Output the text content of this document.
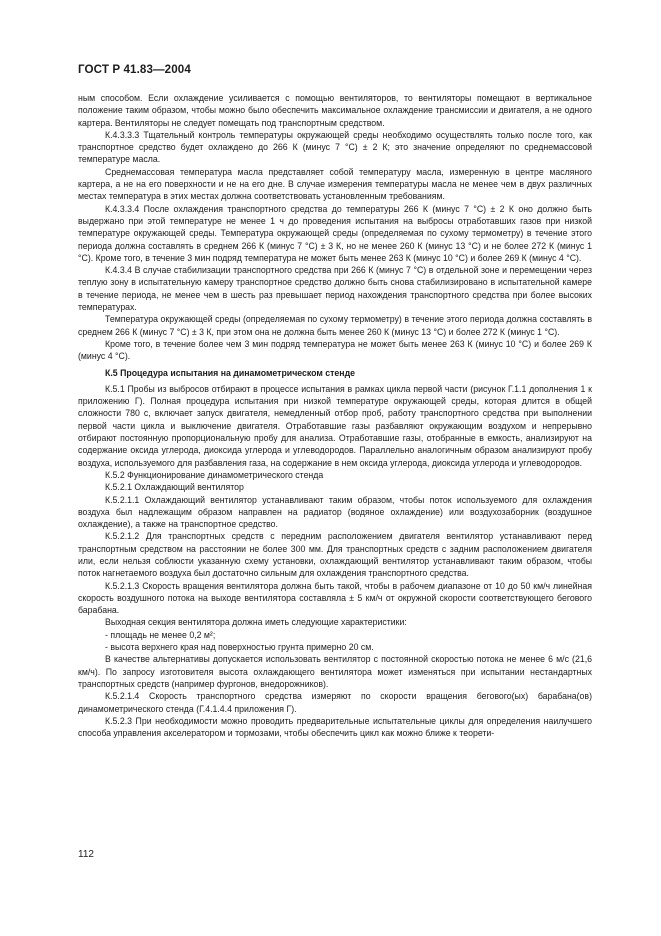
ГОСТ Р 41.83—2004

ным способом. Если охлаждение усиливается с помощью вентиляторов, то вентиляторы помещают в вертикальное положение таким образом, чтобы можно было обеспечить максимальное охлаждение трансмиссии и двигателя, а не одного картера. Вентиляторы не следует помещать под транспортным средством.

К.4.3.3.3 Тщательный контроль температуры окружающей среды необходимо осуществлять только после того, как транспортное средство будет охлаждено до 266 К (минус 7 °С) ± 2 К; это значение определяют по среднемассовой температуре масла.

Среднемассовая температура масла представляет собой температуру масла, измеренную в центре масляного картера, а не на его поверхности и не на его дне. В случае измерения температуры масла не менее чем в двух различных местах температура в этих местах должна соответствовать установленным требованиям.

К.4.3.3.4 После охлаждения транспортного средства до температуры 266 К (минус 7 °С) ± 2 К оно должно быть выдержано при этой температуре не менее 1 ч до проведения испытания на выбросы отработавших газов при низкой температуре окружающей среды. Температура окружающей среды (определяемая по сухому термометру) в течение этого периода должна составлять в среднем 266 К (минус 7 °С) ± 3 К, но не менее 260 К (минус 13 °С) и не более 272 К (минус 1 °С). Кроме того, в течение 3 мин подряд температура не может быть менее 263 К (минус 10 °С) и более 269 К (минус 4 °С).

К.4.3.4 В случае стабилизации транспортного средства при 266 К (минус 7 °С) в отдельной зоне и перемещении через теплую зону в испытательную камеру транспортное средство должно быть снова стабилизировано в испытательной камере в течение периода, не менее чем в шесть раз превышает период нахождения транспортного средства при более высоких температурах.

Температура окружающей среды (определяемая по сухому термометру) в течение этого периода должна составлять в среднем 266 К (минус 7 °С) ± 3 К, при этом она не должна быть менее 260 К (минус 13 °С) и более 272 К (минус 1 °С).

Кроме того, в течение более чем 3 мин подряд температура не может быть менее 263 К (минус 10 °С) и более 269 К (минус 4 °С).

К.5 Процедура испытания на динамометрическом стенде

К.5.1 Пробы из выбросов отбирают в процессе испытания в рамках цикла первой части (рисунок Г.1.1 дополнения 1 к приложению Г). Полная процедура испытания при низкой температуре окружающей среды, которая длится в общей сложности 780 с, включает запуск двигателя, немедленный отбор проб, работу транспортного средства при выполнении первой части цикла и выключение двигателя. Отработавшие газы разбавляют окружающим воздухом и непрерывно отбирают постоянную пропорциональную пробу для анализа. Отработавшие газы, отобранные в емкость, анализируют на содержание оксида углерода, диоксида углерода и углеводородов. Параллельно аналогичным образом анализируют пробу воздуха, используемого для разбавления газа, на содержание в нем оксида углерода, диоксида углерода и углеводородов.

К.5.2 Функционирование динамометрического стенда

К.5.2.1 Охлаждающий вентилятор

К.5.2.1.1 Охлаждающий вентилятор устанавливают таким образом, чтобы поток используемого для охлаждения воздуха был надлежащим образом направлен на радиатор (водяное охлаждение) или воздухозаборник (воздушное охлаждение), а также на транспортное средство.

К.5.2.1.2 Для транспортных средств с передним расположением двигателя вентилятор устанавливают перед транспортным средством на расстоянии не более 300 мм. Для транспортных средств с задним расположением двигателя или, если нельзя соблюсти указанную схему установки, охлаждающий вентилятор устанавливают таким образом, чтобы поток нагнетаемого воздуха был достаточно сильным для охлаждения транспортного средства.

К.5.2.1.3 Скорость вращения вентилятора должна быть такой, чтобы в рабочем диапазоне от 10 до 50 км/ч линейная скорость воздушного потока на выходе вентилятора составляла ± 5 км/ч от окружной скорости соответствующего бегового барабана.

Выходная секция вентилятора должна иметь следующие характеристики:

- площадь не менее 0,2 м²;

- высота верхнего края над поверхностью грунта примерно 20 см.

В качестве альтернативы допускается использовать вентилятор с постоянной скоростью потока не менее 6 м/с (21,6 км/ч). По запросу изготовителя высота охлаждающего вентилятора может изменяться при испытании нестандартных транспортных средств (например фургонов, внедорожников).

К.5.2.1.4 Скорость транспортного средства измеряют по скорости вращения бегового(ых) барабана(ов) динамометрического стенда (Г.4.1.4.4 приложения Г).

К.5.2.3 При необходимости можно проводить предварительные испытательные циклы для определения наилучшего способа управления акселератором и тормозами, чтобы обеспечить цикл как можно ближе к теорети-

112
